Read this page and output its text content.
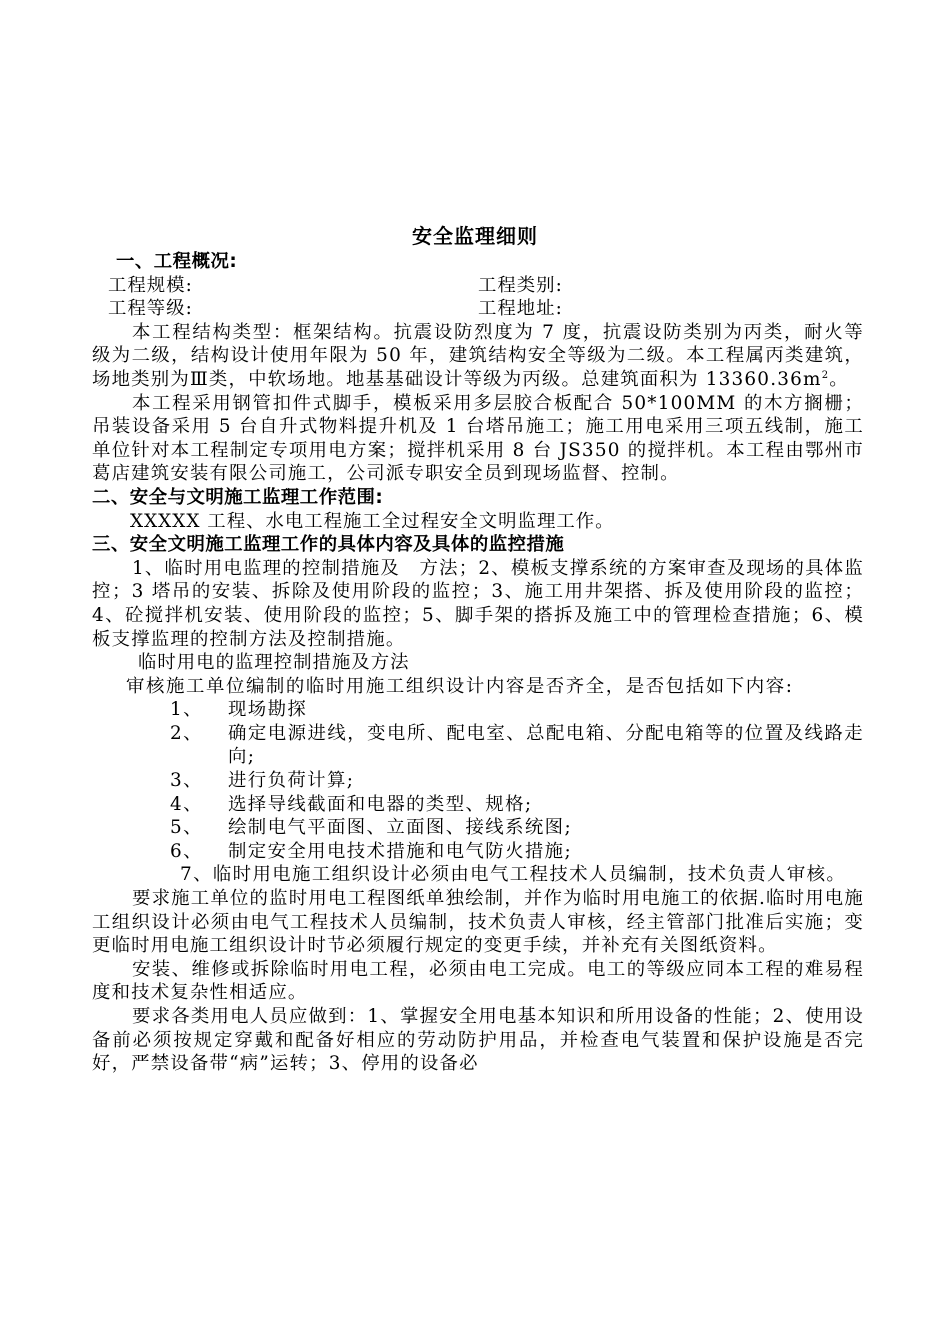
安全监理细则
一、工程概况:
工程规模:	工程类别:
工程等级:	工程地址:
本工程结构类型：框架结构。抗震设防烈度为 7 度，抗震设防类别为丙类，耐火等级为二级，结构设计使用年限为 50 年，建筑结构安全等级为二级。本工程属丙类建筑，场地类别为Ⅲ类，中软场地。地基基础设计等级为丙级。总建筑面积为 $13360.36m^2$。
本工程采用钢管扣件式脚手，模板采用多层胶合板配合 50*100MM 的木方搁栅；吊装设备采用 5 台自升式物料提升机及 1 台塔吊施工；施工用电采用三项五线制，施工单位针对本工程制定专项用电方案；搅拌机采用 8 台 JS350 的搅拌机。本工程由鄂州市葛店建筑安装有限公司施工，公司派专职安全员到现场监督、控制。
二、安全与文明施工监理工作范围:
XXXXX 工程、水电工程施工全过程安全文明监理工作。
三、安全文明施工监理工作的具体内容及具体的监控措施
1、临时用电监理的控制措施及　方法；2、模板支撑系统的方案审查及现场的具体监控；3 塔吊的安装、拆除及使用阶段的监控；3、施工用井架搭、拆及使用阶段的监控；4、砼搅拌机安装、使用阶段的监控；5、脚手架的搭拆及施工中的管理检查措施；6、模板支撑监理的控制方法及控制措施。
临时用电的监理控制措施及方法
审核施工单位编制的临时用施工组织设计内容是否齐全，是否包括如下内容:
1、	现场勘探
2、	确定电源进线，变电所、配电室、总配电箱、分配电箱等的位置及线路走向;
3、	进行负荷计算;
4、	选择导线截面和电器的类型、规格;
5、	绘制电气平面图、立面图、接线系统图;
6、	制定安全用电技术措施和电气防火措施;
7、临时用电施工组织设计必须由电气工程技术人员编制，技术负责人审核。
要求施工单位的监时用电工程图纸单独绘制，并作为临时用电施工的依据.临时用电施工组织设计必须由电气工程技术人员编制，技术负责人审核，经主管部门批准后实施；变更临时用电施工组织设计时节必须履行规定的变更手续，并补充有关图纸资料。
安装、维修或拆除临时用电工程，必须由电工完成。电工的等级应同本工程的难易程度和技术复杂性相适应。
要求各类用电人员应做到：1、掌握安全用电基本知识和所用设备的性能；2、使用设备前必须按规定穿戴和配备好相应的劳动防护用品，并检查电气装置和保护设施是否完好，严禁设备带“病”运转；3、停用的设备必
